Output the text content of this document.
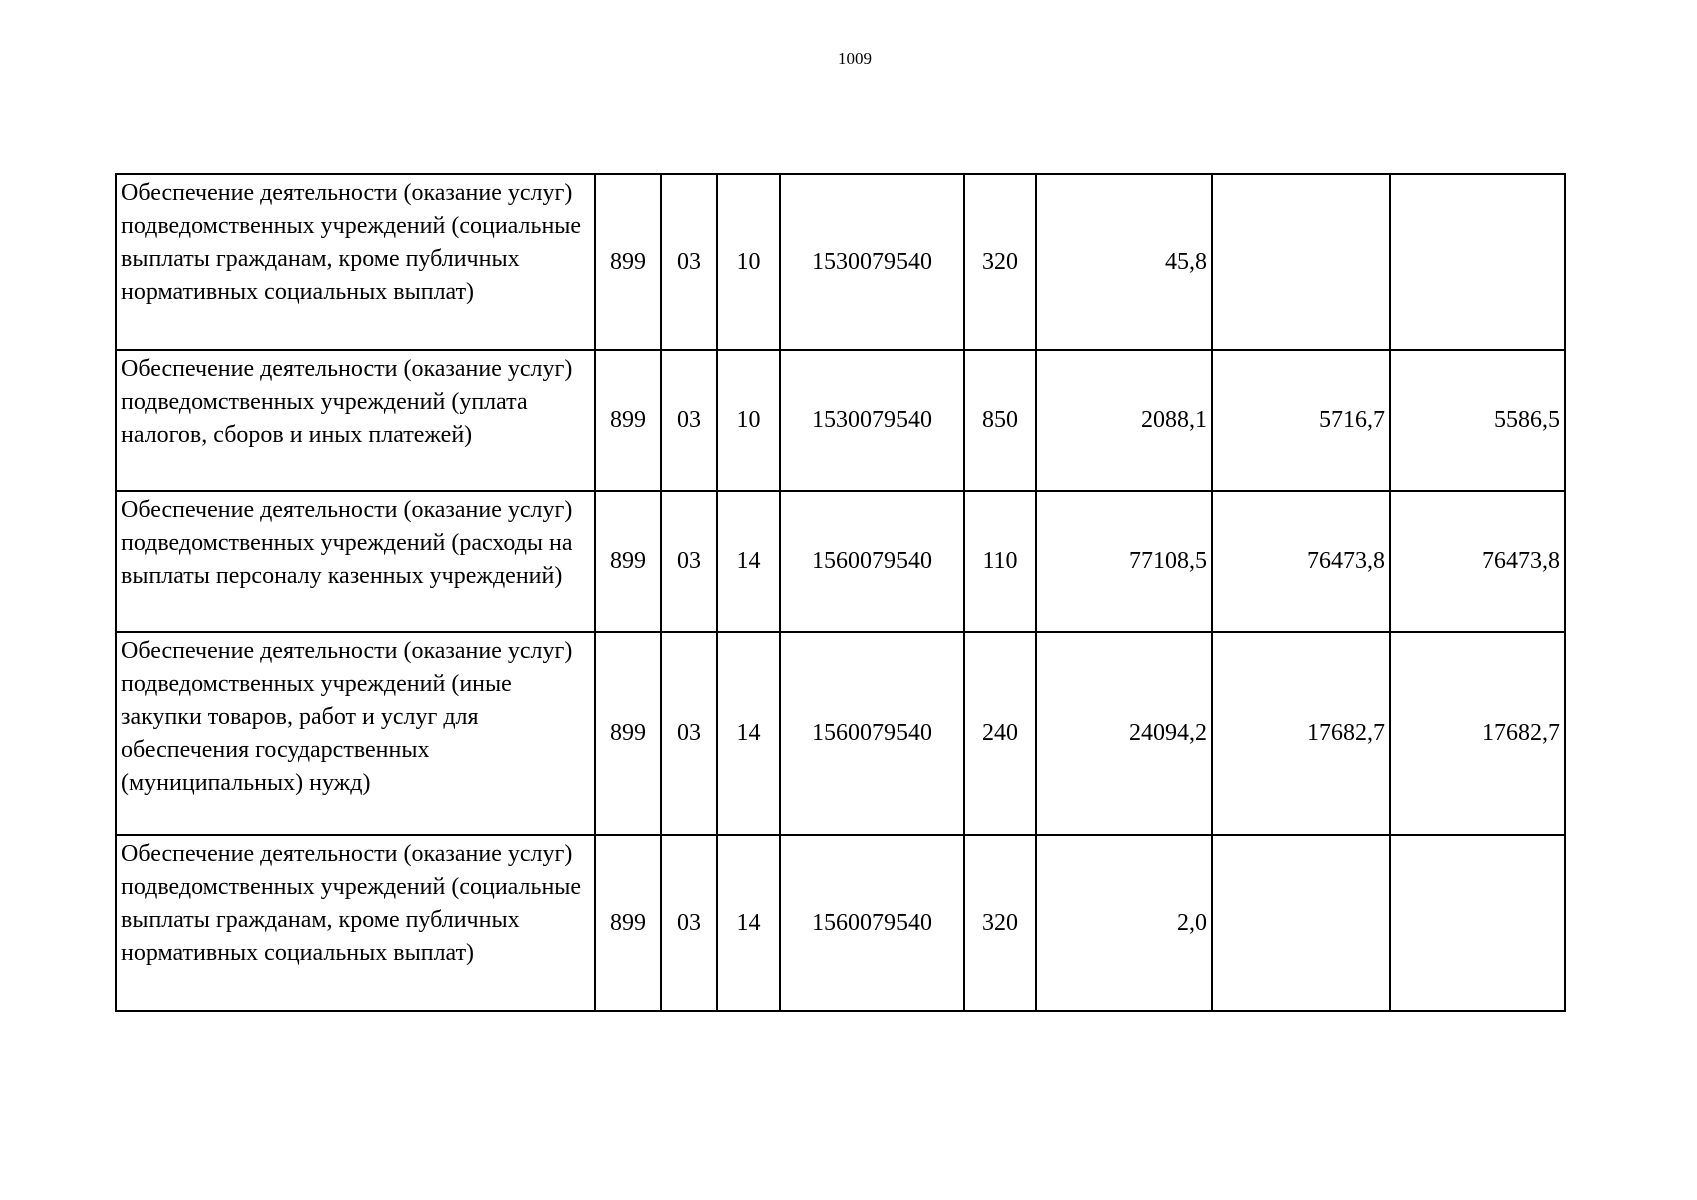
1009
Обеспечение деятельности (оказание услуг) подведомственных учреждений (социальные выплаты гражданам, кроме публичных нормативных социальных выплат)	899	03	10	1530079540	320	45,8		
Обеспечение деятельности (оказание услуг) подведомственных учреждений (уплата налогов, сборов и иных платежей)	899	03	10	1530079540	850	2088,1	5716,7	5586,5
Обеспечение деятельности (оказание услуг) подведомственных учреждений (расходы на выплаты персоналу казенных учреждений)	899	03	14	1560079540	110	77108,5	76473,8	76473,8
Обеспечение деятельности (оказание услуг) подведомственных учреждений (иные закупки товаров, работ и услуг для обеспечения государственных (муниципальных) нужд)	899	03	14	1560079540	240	24094,2	17682,7	17682,7
Обеспечение деятельности (оказание услуг) подведомственных учреждений (социальные выплаты гражданам, кроме публичных нормативных социальных выплат)	899	03	14	1560079540	320	2,0		
